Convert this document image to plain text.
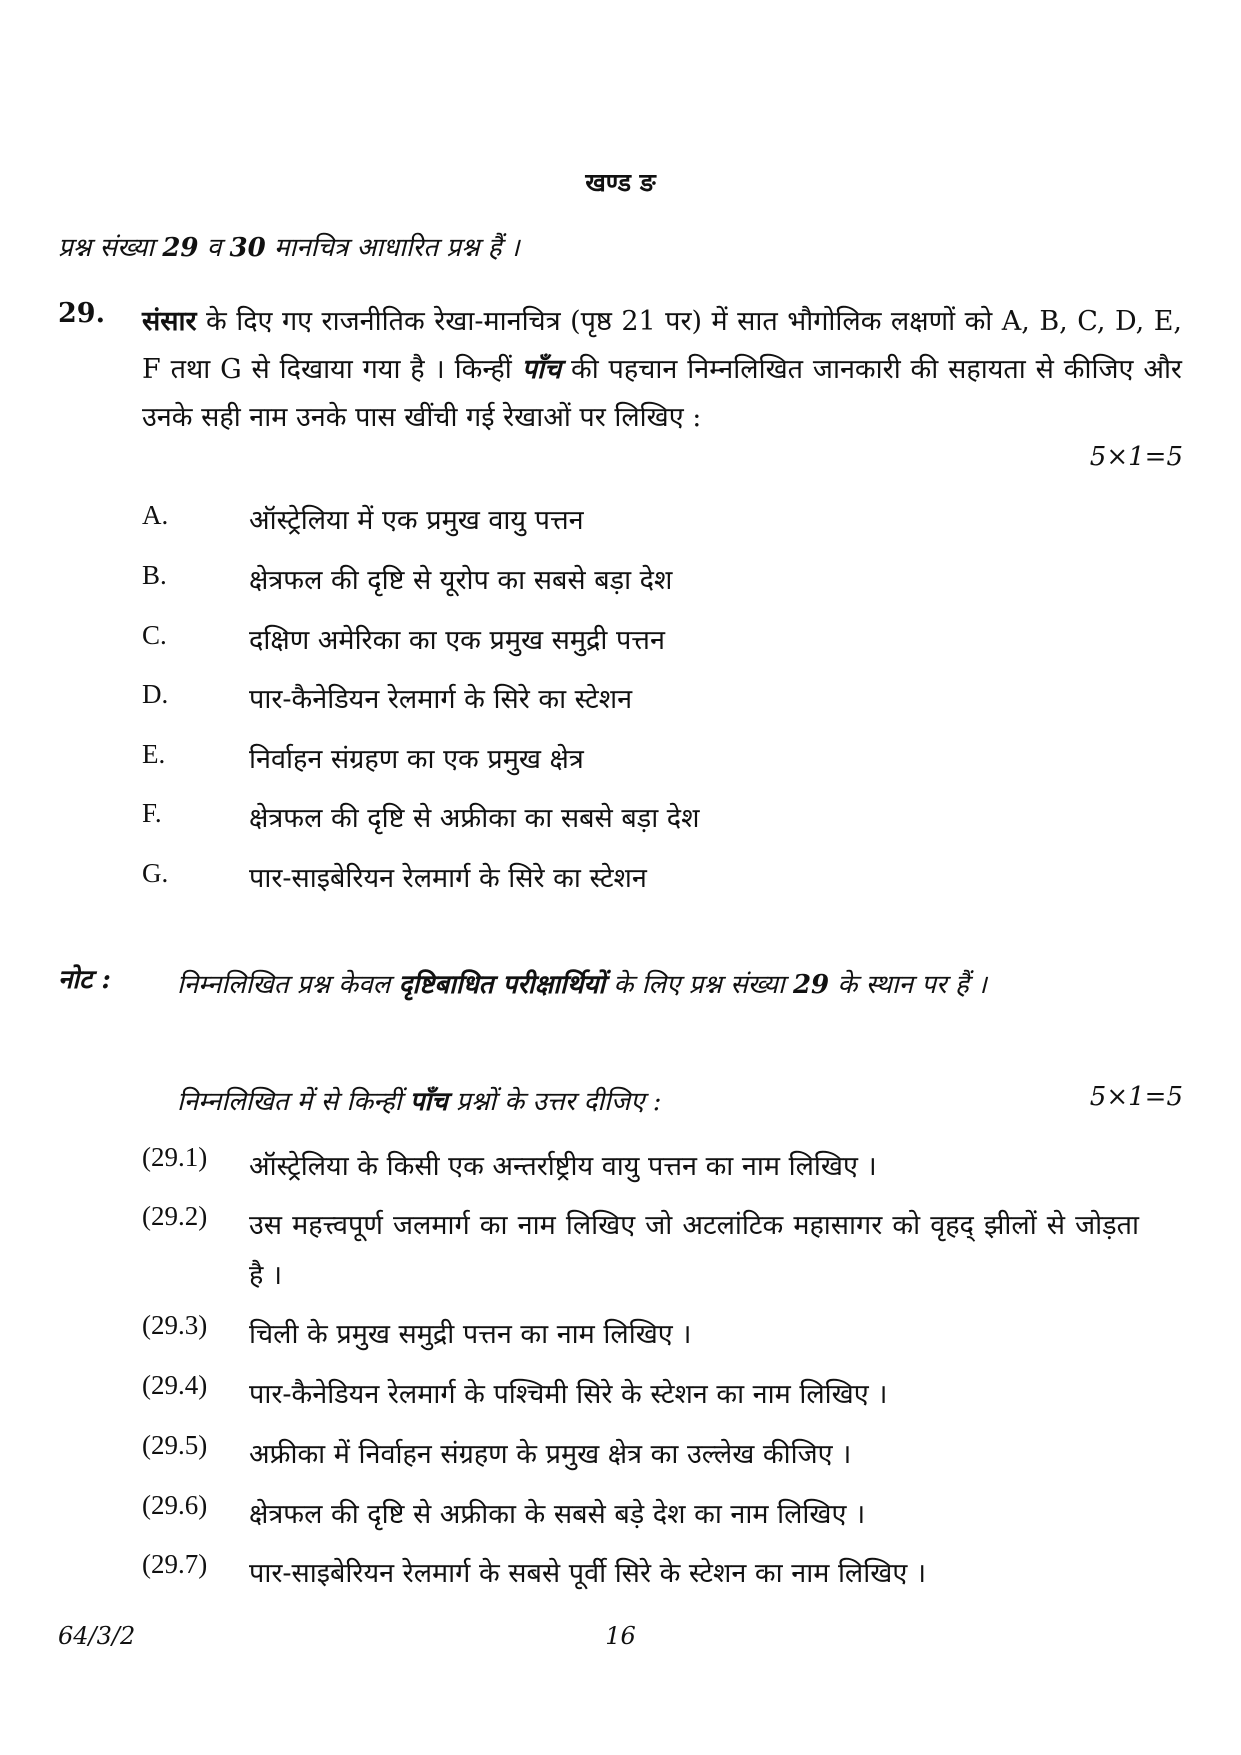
खण्ड ङ
प्रश्न संख्या 29 व 30 मानचित्र आधारित प्रश्न हैं ।
29. संसार के दिए गए राजनीतिक रेखा-मानचित्र (पृष्ठ 21 पर) में सात भौगोलिक लक्षणों को A, B, C, D, E, F तथा G से दिखाया गया है । किन्हीं पाँच की पहचान निम्नलिखित जानकारी की सहायता से कीजिए और उनके सही नाम उनके पास खींची गई रेखाओं पर लिखिए :
5×1=5
A.	ऑस्ट्रेलिया में एक प्रमुख वायु पत्तन
B.	क्षेत्रफल की दृष्टि से यूरोप का सबसे बड़ा देश
C.	दक्षिण अमेरिका का एक प्रमुख समुद्री पत्तन
D.	पार-कैनेडियन रेलमार्ग के सिरे का स्टेशन
E.	निर्वाहन संग्रहण का एक प्रमुख क्षेत्र
F.	क्षेत्रफल की दृष्टि से अफ्रीका का सबसे बड़ा देश
G.	पार-साइबेरियन रेलमार्ग के सिरे का स्टेशन
नोट :	निम्नलिखित प्रश्न केवल दृष्टिबाधित परीक्षार्थियों के लिए प्रश्न संख्या 29 के स्थान पर हैं ।
निम्नलिखित में से किन्हीं पाँच प्रश्नों के उत्तर दीजिए :	5×1=5
(29.1) ऑस्ट्रेलिया के किसी एक अन्तर्राष्ट्रीय वायु पत्तन का नाम लिखिए ।
(29.2) उस महत्त्वपूर्ण जलमार्ग का नाम लिखिए जो अटलांटिक महासागर को वृहद् झीलों से जोड़ता है ।
(29.3) चिली के प्रमुख समुद्री पत्तन का नाम लिखिए ।
(29.4) पार-कैनेडियन रेलमार्ग के पश्चिमी सिरे के स्टेशन का नाम लिखिए ।
(29.5) अफ्रीका में निर्वाहन संग्रहण के प्रमुख क्षेत्र का उल्लेख कीजिए ।
(29.6) क्षेत्रफल की दृष्टि से अफ्रीका के सबसे बड़े देश का नाम लिखिए ।
(29.7) पार-साइबेरियन रेलमार्ग के सबसे पूर्वी सिरे के स्टेशन का नाम लिखिए ।
64/3/2	16
